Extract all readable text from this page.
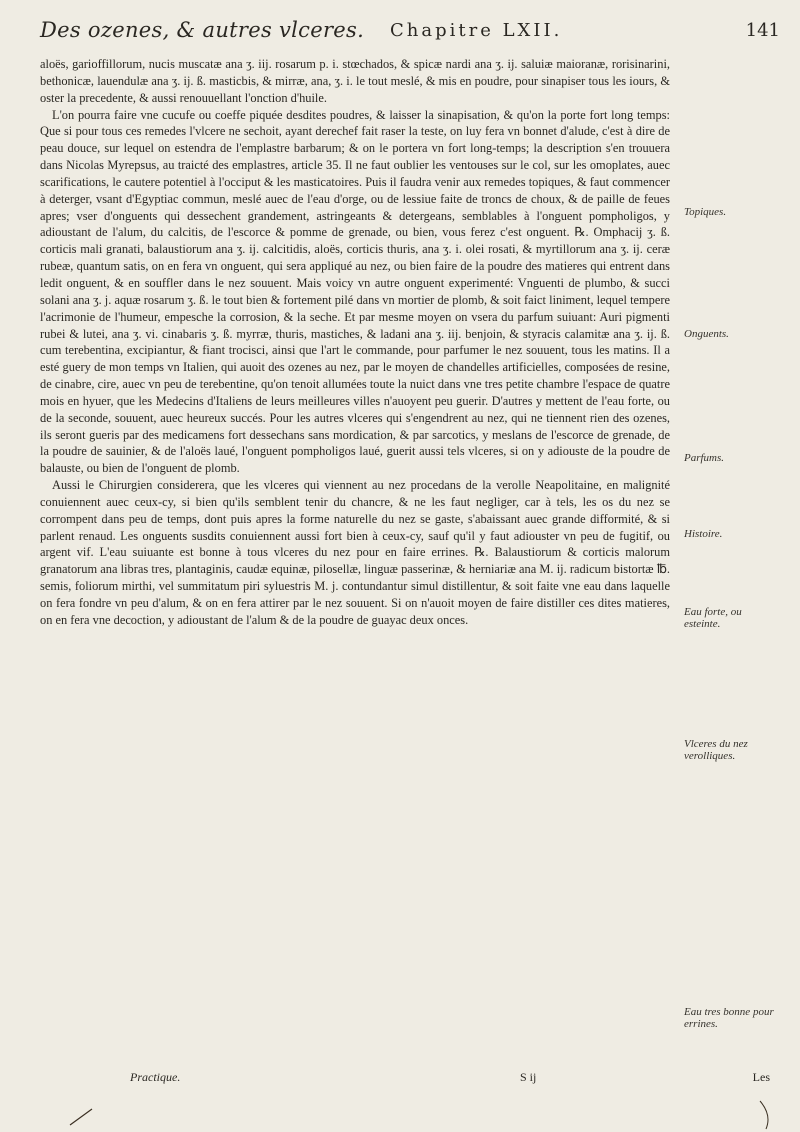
Des ozenes, & autres vlceres. Chapitre LXII.	141

aloës, garioffillorum, nucis muscatæ ana ʒ. iij. rosarum p. i. stœchados, & spicæ nardi ana ʒ. ij. saluiæ maioranæ, rorisinarini, bethonicæ, lauendulæ ana ʒ. ij. ß. masticbis, & mirræ, ana, ʒ. i. le tout meslé, & mis en poudre, pour sinapiser tous les iours, & oster la precedente, & aussi renouuellant l'onction d'huile.

L'on pourra faire vne cucufe ou coeffe piquée desdites poudres, & laisser la sinapisation, & qu'on la porte fort long temps: Que si pour tous ces remedes l'vlcere ne sechoit, ayant derechef fait raser la teste, on luy fera vn bonnet d'alude, c'est à dire de peau douce, sur lequel on estendra de l'emplastre barbarum; & on le portera vn fort long-temps; la description s'en trouuera dans Nicolas Myrepsus, au traicté des emplastres, article 35. Il ne faut oublier les ventouses sur le col, sur les omoplates, auec scarifications, le cautere potentiel à l'occiput & les masticatoires. Puis il faudra venir aux remedes topiques, & faut commencer à deterger, vsant d'Egyptiac commun, meslé auec de l'eau d'orge, ou de lessiue faite de troncs de choux, & de paille de feues apres; vser d'onguents qui dessechent grandement, astringeants & detergeans, semblables à l'onguent pompholigos, y adioustant de l'alum, du calcitis, de l'escorce & pomme de grenade, ou bien, vous ferez c'est onguent. ℞. Omphacij ʒ. ß. corticis mali granati, balaustiorum ana ʒ. ij. calcitidis, aloës, corticis thuris, ana ʒ. i. olei rosati, & myrtillorum ana ʒ. ij. ceræ rubeæ, quantum satis, on en fera vn onguent, qui sera appliqué au nez, ou bien faire de la poudre des matieres qui entrent dans ledit onguent, & en souffler dans le nez souuent. Mais voicy vn autre onguent experimenté: Vnguenti de plumbo, & succi solani ana ʒ. j. aquæ rosarum ʒ. ß. le tout bien & fortement pilé dans vn mortier de plomb, & soit faict liniment, lequel tempere l'acrimonie de l'humeur, empesche la corrosion, & la seche. Et par mesme moyen on vsera du parfum suiuant: Auri pigmenti rubei & lutei, ana ʒ. vi. cinabaris ʒ. ß. myrræ, thuris, mastiches, & ladani ana ʒ. iij. benjoin, & styracis calamitæ ana ʒ. ij. ß. cum terebentina, excipiantur, & fiant trocisci, ainsi que l'art le commande, pour parfumer le nez souuent, tous les matins. Il a esté guery de mon temps vn Italien, qui auoit des ozenes au nez, par le moyen de chandelles artificielles, composées de resine, de cinabre, cire, auec vn peu de terebentine, qu'on tenoit allumées toute la nuict dans vne tres petite chambre l'espace de quatre mois en hyuer, que les Medecins d'Italiens de leurs meilleures villes n'auoyent peu guerir. D'autres y mettent de l'eau forte, ou de la seconde, souuent, auec heureux succés. Pour les autres vlceres qui s'engendrent au nez, qui ne tiennent rien des ozenes, ils seront gueris par des medicamens fort dessechans sans mordication, & par sarcotics, y meslans de l'escorce de grenade, de la poudre de sauinier, & de l'aloës laué, l'onguent pompholigos laué, guerit aussi tels vlceres, si on y adiouste de la poudre de balauste, ou bien de l'onguent de plomb.

Aussi le Chirurgien considerera, que les vlceres qui viennent au nez procedans de la verolle Neapolitaine, en malignité conuiennent auec ceux-cy, si bien qu'ils semblent tenir du chancre, & ne les faut negliger, car à tels, les os du nez se corrompent dans peu de temps, dont puis apres la forme naturelle du nez se gaste, s'abaissant auec grande difformité, & si parlent renaud. Les onguents susdits conuiennent aussi fort bien à ceux-cy, sauf qu'il y faut adiouster vn peu de fugitif, ou argent vif. L'eau suiuante est bonne à tous vlceres du nez pour en faire errines. ℞. Balaustiorum & corticis malorum granatorum ana libras tres, plantaginis, caudæ equinæ, pilosellæ, linguæ passerinæ, & herniariæ ana M. ij. radicum bistortæ ℔. semis, foliorum mirthi, vel summitatum piri syluestris M. j. contundantur simul distillentur, & soit faite vne eau dans laquelle on fera fondre vn peu d'alum, & on en fera attirer par le nez souuent. Si on n'auoit moyen de faire distiller ces dites matieres, on en fera vne decoction, y adioustant de l'alum & de la poudre de guayac deux onces.

Topiques.
Onguents.
Parfums.
Histoire.
Eau forte, ou esteinte.
Vlceres du nez verolliques.
Eau tres bonne pour errines.
Practique.	S ij	Les
